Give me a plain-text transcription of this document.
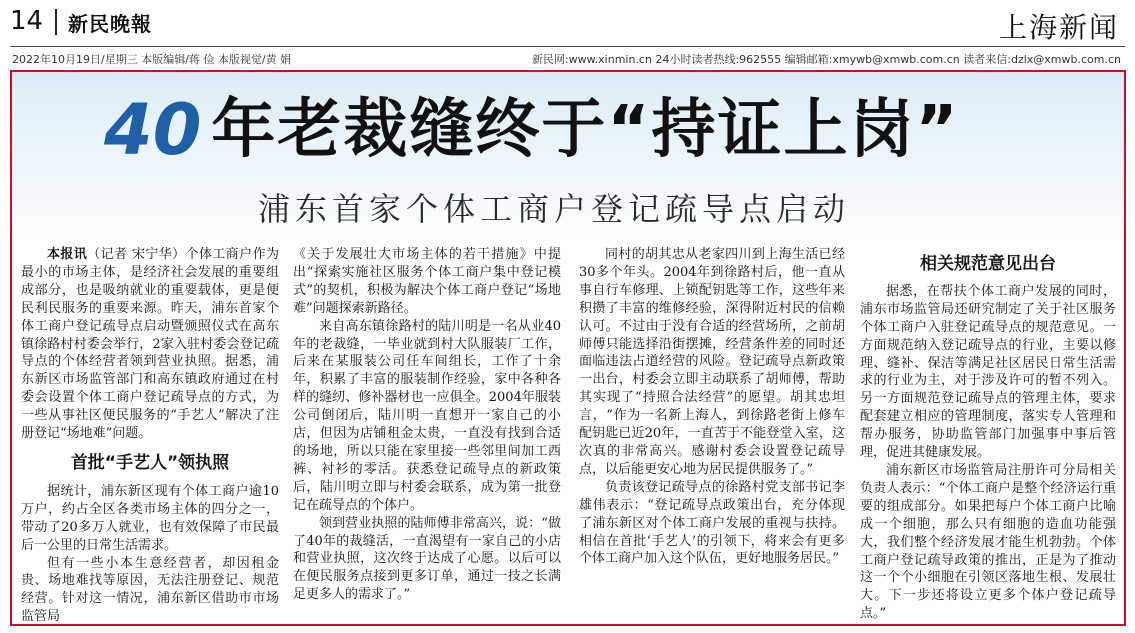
14 新民晚報	上海新闻
2022年10月19日/星期三 本版编辑/蒋 俭 本版视觉/黄 娟	新民网:www.xinmin.cn 24小时读者热线:962555 编辑邮箱:xmywb@xmwb.com.cn 读者来信:dzlx@xmwb.com.cn
40 年老裁缝终于“持证上岗”
浦东首家个体工商户登记疏导点启动

本报讯（记者 宋宁华）个体工商户作为最小的市场主体，是经济社会发展的重要组成部分，也是吸纳就业的重要载体，更是便民利民服务的重要来源。昨天，浦东首家个体工商户登记疏导点启动暨颁照仪式在高东镇徐路村村委会举行，2家入驻村委会登记疏导点的个体经营者领到营业执照。据悉，浦东新区市场监管部门和高东镇政府通过在村委会设置个体工商户登记疏导点的方式，为一些从事社区便民服务的“手艺人”解决了注册登记“场地难”问题。

首批“手艺人”领执照

据统计，浦东新区现有个体工商户逾10万户，约占全区各类市场主体的四分之一，带动了20多万人就业，也有效保障了市民最后一公里的日常生活需求。

但有一些小本生意经营者，却因租金贵、场地难找等原因，无法注册登记、规范经营。针对这一情况，浦东新区借助市市场监管局

《关于发展壮大市场主体的若干措施》中提出“探索实施社区服务个体工商户集中登记模式”的契机，积极为解决个体工商户登记“场地难”问题探索新路径。

来自高东镇徐路村的陆川明是一名从业40年的老裁缝，一毕业就到村大队服装厂工作，后来在某服装公司任车间组长，工作了十余年，积累了丰富的服装制作经验，家中各种各样的缝纫、修补器材也一应俱全。2004年服装公司倒闭后，陆川明一直想开一家自己的小店，但因为店铺租金太贵，一直没有找到合适的场地，所以只能在家里接一些邻里间加工西裤、衬衫的零活。获悉登记疏导点的新政策后，陆川明立即与村委会联系，成为第一批登记在疏导点的个体户。

领到营业执照的陆师傅非常高兴，说：“做了40年的裁缝活，一直渴望有一家自己的小店和营业执照，这次终于达成了心愿。以后可以在便民服务点接到更多订单，通过一技之长满足更多人的需求了。”

同村的胡其忠从老家四川到上海生活已经30多个年头。2004年到徐路村后，他一直从事自行车修理、上锁配钥匙等工作，这些年来积攒了丰富的维修经验，深得附近村民的信赖认可。不过由于没有合适的经营场所，之前胡师傅只能选择沿街摆摊，经营条件差的同时还面临违法占道经营的风险。登记疏导点新政策一出台，村委会立即主动联系了胡师傅，帮助其实现了“持照合法经营”的愿望。胡其忠坦言，“作为一名新上海人，到徐路老街上修车配钥匙已近20年，一直苦于不能登堂入室，这次真的非常高兴。感谢村委会设置登记疏导点，以后能更安心地为居民提供服务了。”

负责该登记疏导点的徐路村党支部书记李雄伟表示：“登记疏导点政策出台，充分体现了浦东新区对个体工商户发展的重视与扶持。相信在首批‘手艺人’的引领下，将来会有更多个体工商户加入这个队伍，更好地服务居民。”

相关规范意见出台

据悉，在帮扶个体工商户发展的同时，浦东市场监管局还研究制定了关于社区服务个体工商户入驻登记疏导点的规范意见。一方面规范纳入登记疏导点的行业，主要以修理、缝补、保洁等满足社区居民日常生活需求的行业为主，对于涉及许可的暂不列入。另一方面规范登记疏导点的管理主体，要求配套建立相应的管理制度，落实专人管理和帮办服务，协助监管部门加强事中事后管理，促进其健康发展。

浦东新区市场监管局注册许可分局相关负责人表示：“个体工商户是整个经济运行重要的组成部分。如果把每户个体工商户比喻成一个细胞，那么只有细胞的造血功能强大，我们整个经济发展才能生机勃勃。个体工商户登记疏导政策的推出，正是为了推动这一个个小细胞在引领区落地生根、发展壮大。下一步还将设立更多个体户登记疏导点。”
